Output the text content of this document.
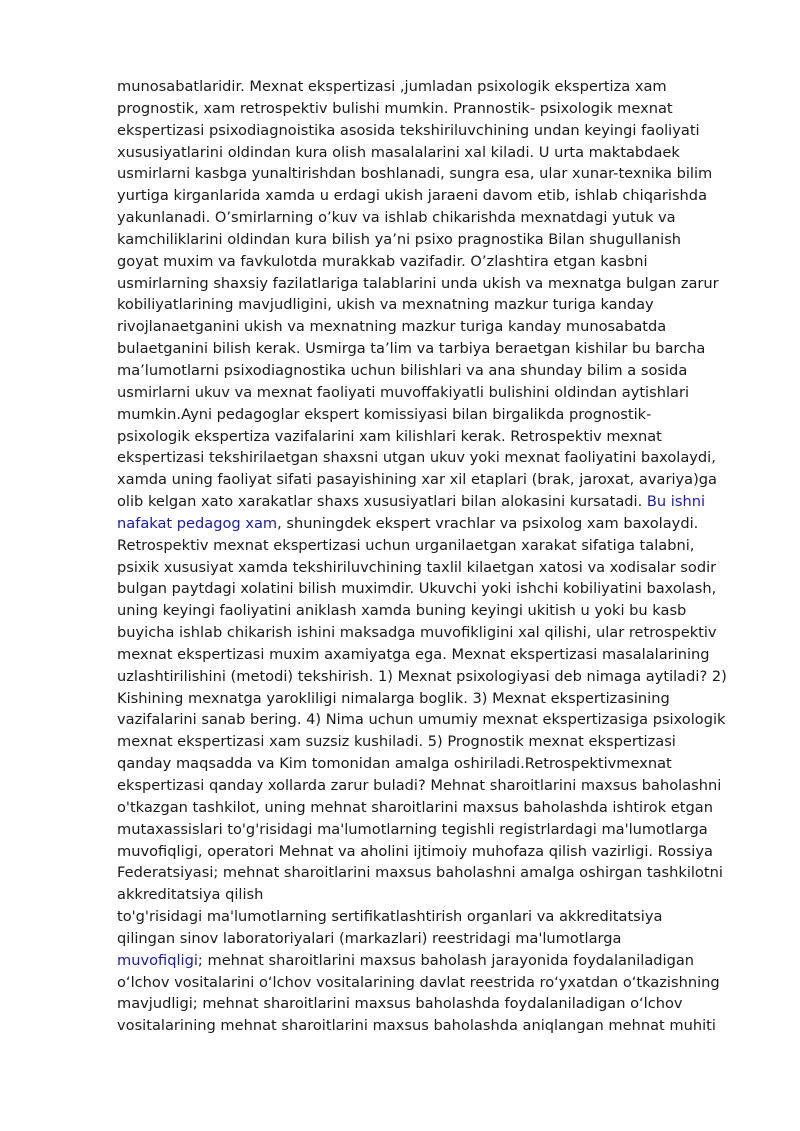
munosabatlaridir. Mexnat ekspertizasi ,jumladan psixologik ekspertiza xam
prognostik, xam retrospektiv bulishi mumkin. Prannostik- psixologik mexnat
ekspertizasi psixodiagnoistika asosida tekshiriluvchining undan keyingi faoliyati
xususiyatlarini oldindan kura olish masalalarini xal kiladi. U urta maktabdaek
usmirlarni kasbga yunaltirishdan boshlanadi, sungra esa, ular xunar-texnika bilim
yurtiga kirganlarida xamda u erdagi ukish jaraeni davom etib, ishlab chiqarishda
yakunlanadi. O’smirlarning o’kuv va ishlab chikarishda mexnatdagi yutuk va
kamchiliklarini oldindan kura bilish ya’ni psixo pragnostika Bilan shugullanish
goyat muxim va favkulotda murakkab vazifadir. O’zlashtira etgan kasbni
usmirlarning shaxsiy fazilatlariga talablarini unda ukish va mexnatga bulgan zarur
kobiliyatlarining mavjudligini, ukish va mexnatning mazkur turiga kanday
rivojlanaetganini ukish va mexnatning mazkur turiga kanday munosabatda
bulaetganini bilish kerak. Usmirga ta’lim va tarbiya beraetgan kishilar bu barcha
ma’lumotlarni psixodiagnostika uchun bilishlari va ana shunday bilim a sosida
usmirlarni ukuv va mexnat faoliyati muvoffakiyatli bulishini oldindan aytishlari
mumkin.Ayni pedagoglar ekspert komissiyasi bilan birgalikda prognostik-
psixologik ekspertiza vazifalarini xam kilishlari kerak. Retrospektiv mexnat
ekspertizasi tekshirilaetgan shaxsni utgan ukuv yoki mexnat faoliyatini baxolaydi,
xamda uning faoliyat sifati pasayishining xar xil etaplari (brak, jaroxat, avariya)ga
olib kelgan xato xarakatlar shaxs xususiyatlari bilan alokasini kursatadi. Bu ishni
nafakat pedagog xam, shuningdek ekspert vrachlar va psixolog xam baxolaydi.
Retrospektiv mexnat ekspertizasi uchun urganilaetgan xarakat sifatiga talabni,
psixik xususiyat xamda tekshiriluvchining taxlil kilaetgan xatosi va xodisalar sodir
bulgan paytdagi xolatini bilish muximdir. Ukuvchi yoki ishchi kobiliyatini baxolash,
uning keyingi faoliyatini aniklash xamda buning keyingi ukitish u yoki bu kasb
buyicha ishlab chikarish ishini maksadga muvofikligini xal qilishi, ular retrospektiv
mexnat ekspertizasi muxim axamiyatga ega. Mexnat ekspertizasi masalalarining
uzlashtirilishini (metodi) tekshirish. 1) Mexnat psixologiyasi deb nimaga aytiladi? 2)
Kishining mexnatga yarokliligi nimalarga boglik. 3) Mexnat ekspertizasining
vazifalarini sanab bering. 4) Nima uchun umumiy mexnat ekspertizasiga psixologik
mexnat ekspertizasi xam suzsiz kushiladi. 5) Prognostik mexnat ekspertizasi
qanday maqsadda va Kim tomonidan amalga oshiriladi.Retrospektivmexnat
ekspertizasi qanday xollarda zarur buladi? Mehnat sharoitlarini maxsus baholashni
o'tkazgan tashkilot, uning mehnat sharoitlarini maxsus baholashda ishtirok etgan
mutaxassislari to'g'risidagi ma'lumotlarning tegishli registrlardagi ma'lumotlarga
muvofiqligi, operatori Mehnat va aholini ijtimoiy muhofaza qilish vazirligi. Rossiya
Federatsiyasi; mehnat sharoitlarini maxsus baholashni amalga oshirgan tashkilotni
akkreditatsiya qilish
to'g'risidagi ma'lumotlarning sertifikatlashtirish organlari va akkreditatsiya
qilingan sinov laboratoriyalari (markazlari) reestridagi ma'lumotlarga
muvofiqligi; mehnat sharoitlarini maxsus baholash jarayonida foydalaniladigan
o‘lchov vositalarini o‘lchov vositalarining davlat reestrida ro‘yxatdan o‘tkazishning
mavjudligi; mehnat sharoitlarini maxsus baholashda foydalaniladigan o‘lchov
vositalarining mehnat sharoitlarini maxsus baholashda aniqlangan mehnat muhiti
